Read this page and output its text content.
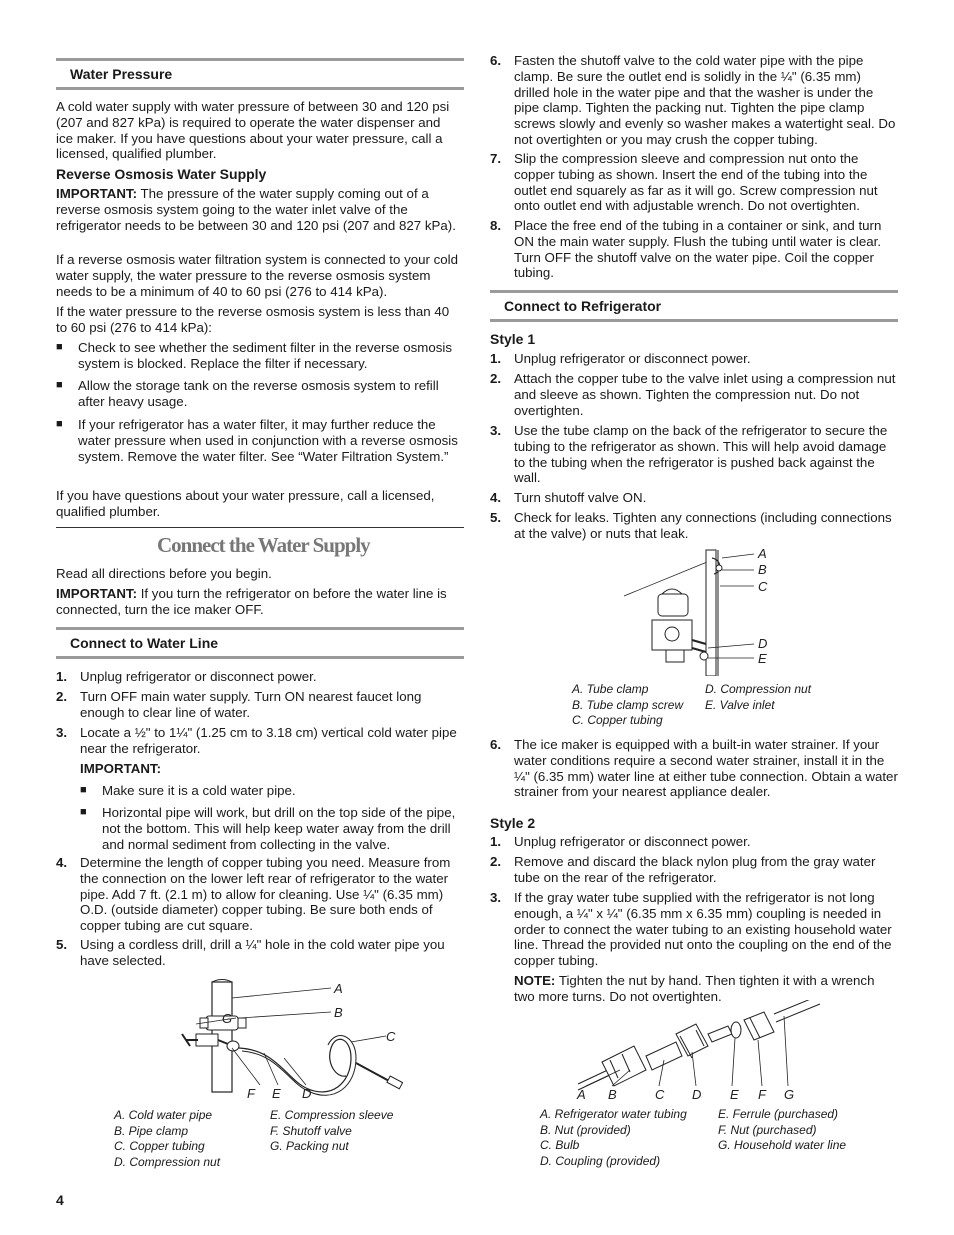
Water Pressure

A cold water supply with water pressure of between 30 and 120 psi (207 and 827 kPa) is required to operate the water dispenser and ice maker. If you have questions about your water pressure, call a licensed, qualified plumber.

Reverse Osmosis Water Supply

IMPORTANT: The pressure of the water supply coming out of a reverse osmosis system going to the water inlet valve of the refrigerator needs to be between 30 and 120 psi (207 and 827 kPa).

If a reverse osmosis water filtration system is connected to your cold water supply, the water pressure to the reverse osmosis system needs to be a minimum of 40 to 60 psi (276 to 414 kPa).

If the water pressure to the reverse osmosis system is less than 40 to 60 psi (276 to 414 kPa):

■	Check to see whether the sediment filter in the reverse osmosis system is blocked. Replace the filter if necessary.
■	Allow the storage tank on the reverse osmosis system to refill after heavy usage.
■	If your refrigerator has a water filter, it may further reduce the water pressure when used in conjunction with a reverse osmosis system. Remove the water filter. See “Water Filtration System.”

If you have questions about your water pressure, call a licensed, qualified plumber.

Connect the Water Supply

Read all directions before you begin.

IMPORTANT: If you turn the refrigerator on before the water line is connected, turn the ice maker OFF.

Connect to Water Line
1. Unplug refrigerator or disconnect power.
2. Turn OFF main water supply. Turn ON nearest faucet long enough to clear line of water.
3. Locate a ½" to 1¼" (1.25 cm to 3.18 cm) vertical cold water pipe near the refrigerator.

IMPORTANT:

■	Make sure it is a cold water pipe.
■	Horizontal pipe will work, but drill on the top side of the pipe, not the bottom. This will help keep water away from the drill and normal sediment from collecting in the valve.
4. Determine the length of copper tubing you need. Measure from the connection on the lower left rear of refrigerator to the water pipe. Add 7 ft. (2.1 m) to allow for cleaning. Use ¼" (6.35 mm) O.D. (outside diameter) copper tubing. Be sure both ends of copper tubing are cut square.
5. Using a cordless drill, drill a ¼" hole in the cold water pipe you have selected.
A
B
C
D
E
F
G
A. Cold water pipe
B. Pipe clamp
C. Copper tubing
D. Compression nut
E. Compression sleeve
F. Shutoff valve
G. Packing nut
6. Fasten the shutoff valve to the cold water pipe with the pipe clamp. Be sure the outlet end is solidly in the ¼" (6.35 mm) drilled hole in the water pipe and that the washer is under the pipe clamp. Tighten the packing nut. Tighten the pipe clamp screws slowly and evenly so washer makes a watertight seal. Do not overtighten or you may crush the copper tubing.
7. Slip the compression sleeve and compression nut onto the copper tubing as shown. Insert the end of the tubing into the outlet end squarely as far as it will go. Screw compression nut onto outlet end with adjustable wrench. Do not overtighten.
8. Place the free end of the tubing in a container or sink, and turn ON the main water supply. Flush the tubing until water is clear. Turn OFF the shutoff valve on the water pipe. Coil the copper tubing.
Connect to Refrigerator

Style 1

1. Unplug refrigerator or disconnect power.
2. Attach the copper tube to the valve inlet using a compression nut and sleeve as shown. Tighten the compression nut. Do not overtighten.
3. Use the tube clamp on the back of the refrigerator to secure the tubing to the refrigerator as shown. This will help avoid damage to the tubing when the refrigerator is pushed back against the wall.
4. Turn shutoff valve ON.
5. Check for leaks. Tighten any connections (including connections at the valve) or nuts that leak.
A
B
C
D
E
A. Tube clamp
B. Tube clamp screw
C. Copper tubing
D. Compression nut
E. Valve inlet
6. The ice maker is equipped with a built-in water strainer. If your water conditions require a second water strainer, install it in the ¼" (6.35 mm) water line at either tube connection. Obtain a water strainer from your nearest appliance dealer.

Style 2

1. Unplug refrigerator or disconnect power.
2. Remove and discard the black nylon plug from the gray water tube on the rear of the refrigerator.
3. If the gray water tube supplied with the refrigerator is not long enough, a ¼" x ¼" (6.35 mm x 6.35 mm) coupling is needed in order to connect the water tubing to an existing household water line. Thread the provided nut onto the coupling on the end of the copper tubing.

NOTE: Tighten the nut by hand. Then tighten it with a wrench two more turns. Do not overtighten.

A B	C D E F G
A. Refrigerator water tubing
B. Nut (provided)
C. Bulb
D. Coupling (provided)
E. Ferrule (purchased)
F. Nut (purchased)
G. Household water line
4
